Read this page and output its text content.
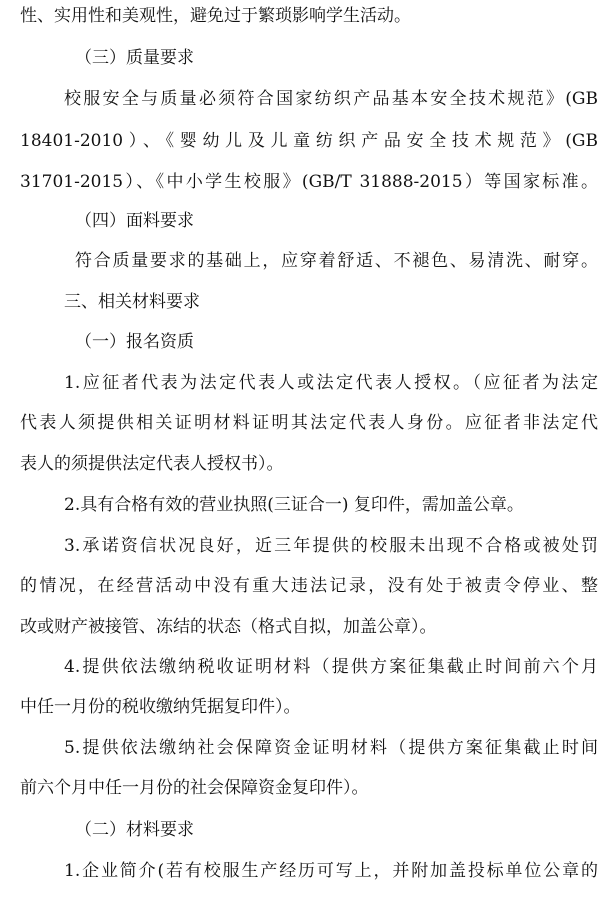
性、实用性和美观性，避免过于繁琐影响学生活动。
（三）质量要求
校服安全与质量必须符合国家纺织产品基本安全技术规范》(GB
18401-2010）、《婴幼儿及儿童纺织产品安全技术规范》(GB
31701-2015）、《中小学生校服》(GB/T 31888-2015）等国家标准。
（四）面料要求
符合质量要求的基础上，应穿着舒适、不褪色、易清洗、耐穿。
三、相关材料要求
（一）报名资质
1.应征者代表为法定代表人或法定代表人授权。（应征者为法定
代表人须提供相关证明材料证明其法定代表人身份。应征者非法定代
表人的须提供法定代表人授权书）。
2.具有合格有效的营业执照(三证合一) 复印件，需加盖公章。
3.承诺资信状况良好，近三年提供的校服未出现不合格或被处罚
的情况，在经营活动中没有重大违法记录，没有处于被责令停业、整
改或财产被接管、冻结的状态（格式自拟，加盖公章）。
4.提供依法缴纳税收证明材料（提供方案征集截止时间前六个月
中任一月份的税收缴纳凭据复印件）。
5.提供依法缴纳社会保障资金证明材料（提供方案征集截止时间
前六个月中任一月份的社会保障资金复印件）。
（二）材料要求
1.企业简介(若有校服生产经历可写上，并附加盖投标单位公章的
